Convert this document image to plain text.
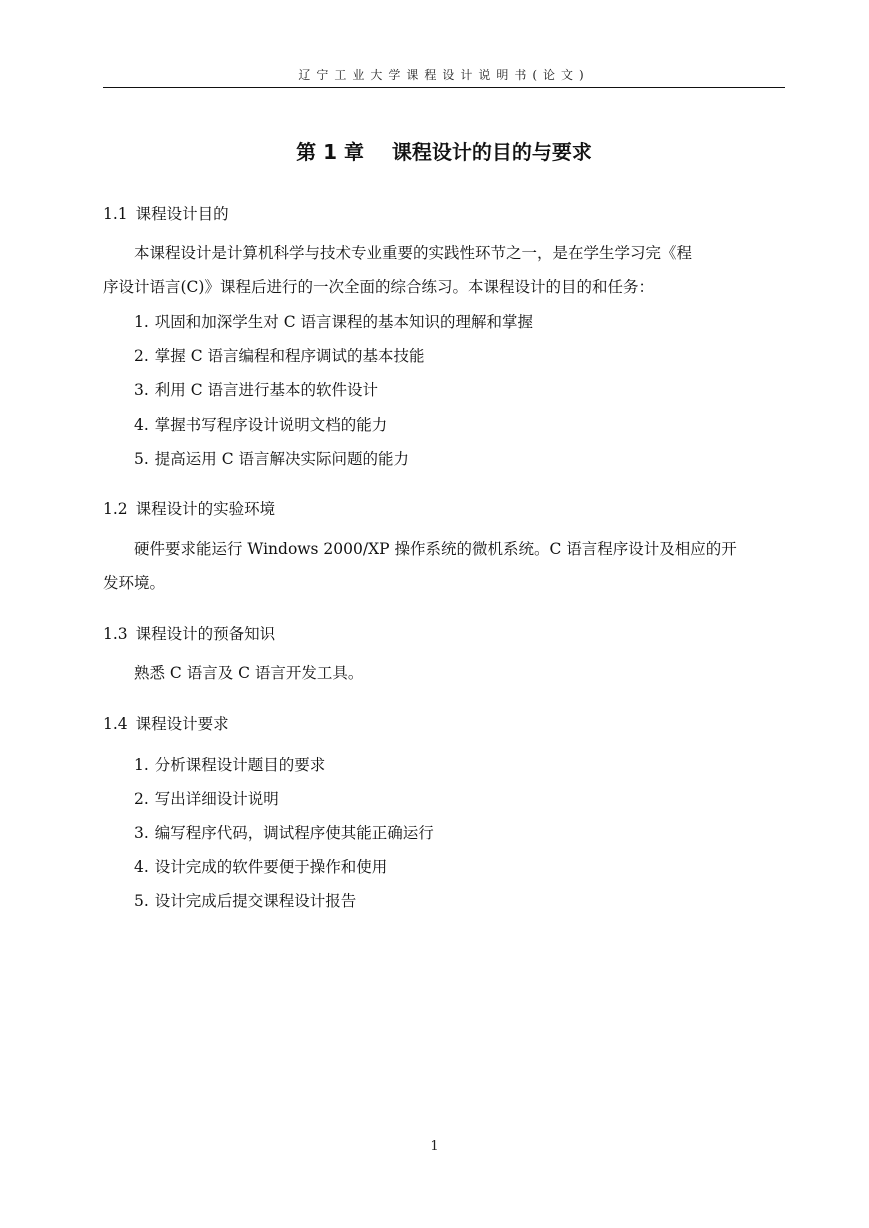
辽宁工业大学课程设计说明书(论文)
第 1 章    课程设计的目的与要求
1.1 课程设计目的
本课程设计是计算机科学与技术专业重要的实践性环节之一，是在学生学习完《程
序设计语言(C)》课程后进行的一次全面的综合练习。本课程设计的目的和任务：
1. 巩固和加深学生对 C 语言课程的基本知识的理解和掌握
2. 掌握 C 语言编程和程序调试的基本技能
3. 利用 C 语言进行基本的软件设计
4. 掌握书写程序设计说明文档的能力
5. 提高运用 C 语言解决实际问题的能力
1.2 课程设计的实验环境
硬件要求能运行 Windows 2000/XP 操作系统的微机系统。C 语言程序设计及相应的开
发环境。
1.3 课程设计的预备知识
熟悉 C 语言及 C 语言开发工具。
1.4 课程设计要求
1. 分析课程设计题目的要求
2. 写出详细设计说明
3. 编写程序代码，调试程序使其能正确运行
4. 设计完成的软件要便于操作和使用
5. 设计完成后提交课程设计报告
1
